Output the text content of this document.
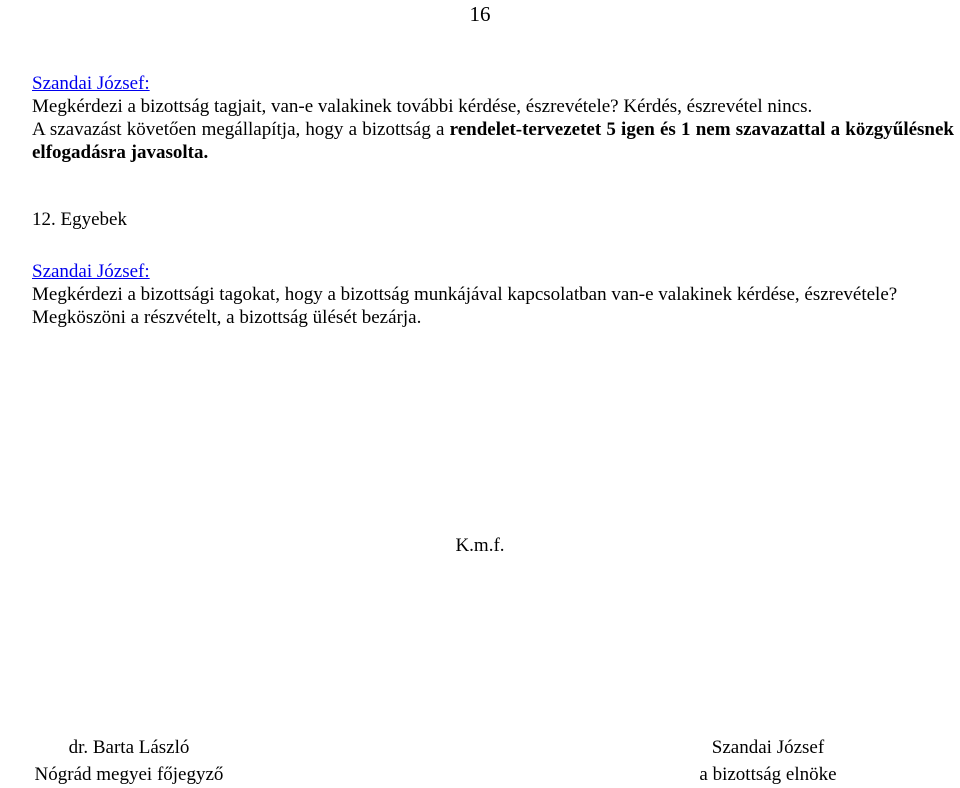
16
Szandai József:
Megkérdezi a bizottság tagjait, van-e valakinek további kérdése, észrevétele? Kérdés, észrevétel nincs.
A szavazást követően megállapítja, hogy a bizottság a rendelet-tervezetet 5 igen és 1 nem szavazattal a közgyűlésnek elfogadásra javasolta.
12. Egyebek
Szandai József:
Megkérdezi a bizottsági tagokat, hogy a bizottság munkájával kapcsolatban van-e valakinek kérdése, észrevétele?
Megköszöni a részvételt, a bizottság ülését bezárja.
K.m.f.
dr. Barta László
Nógrád megyei főjegyző
Szandai József
a bizottság elnöke
